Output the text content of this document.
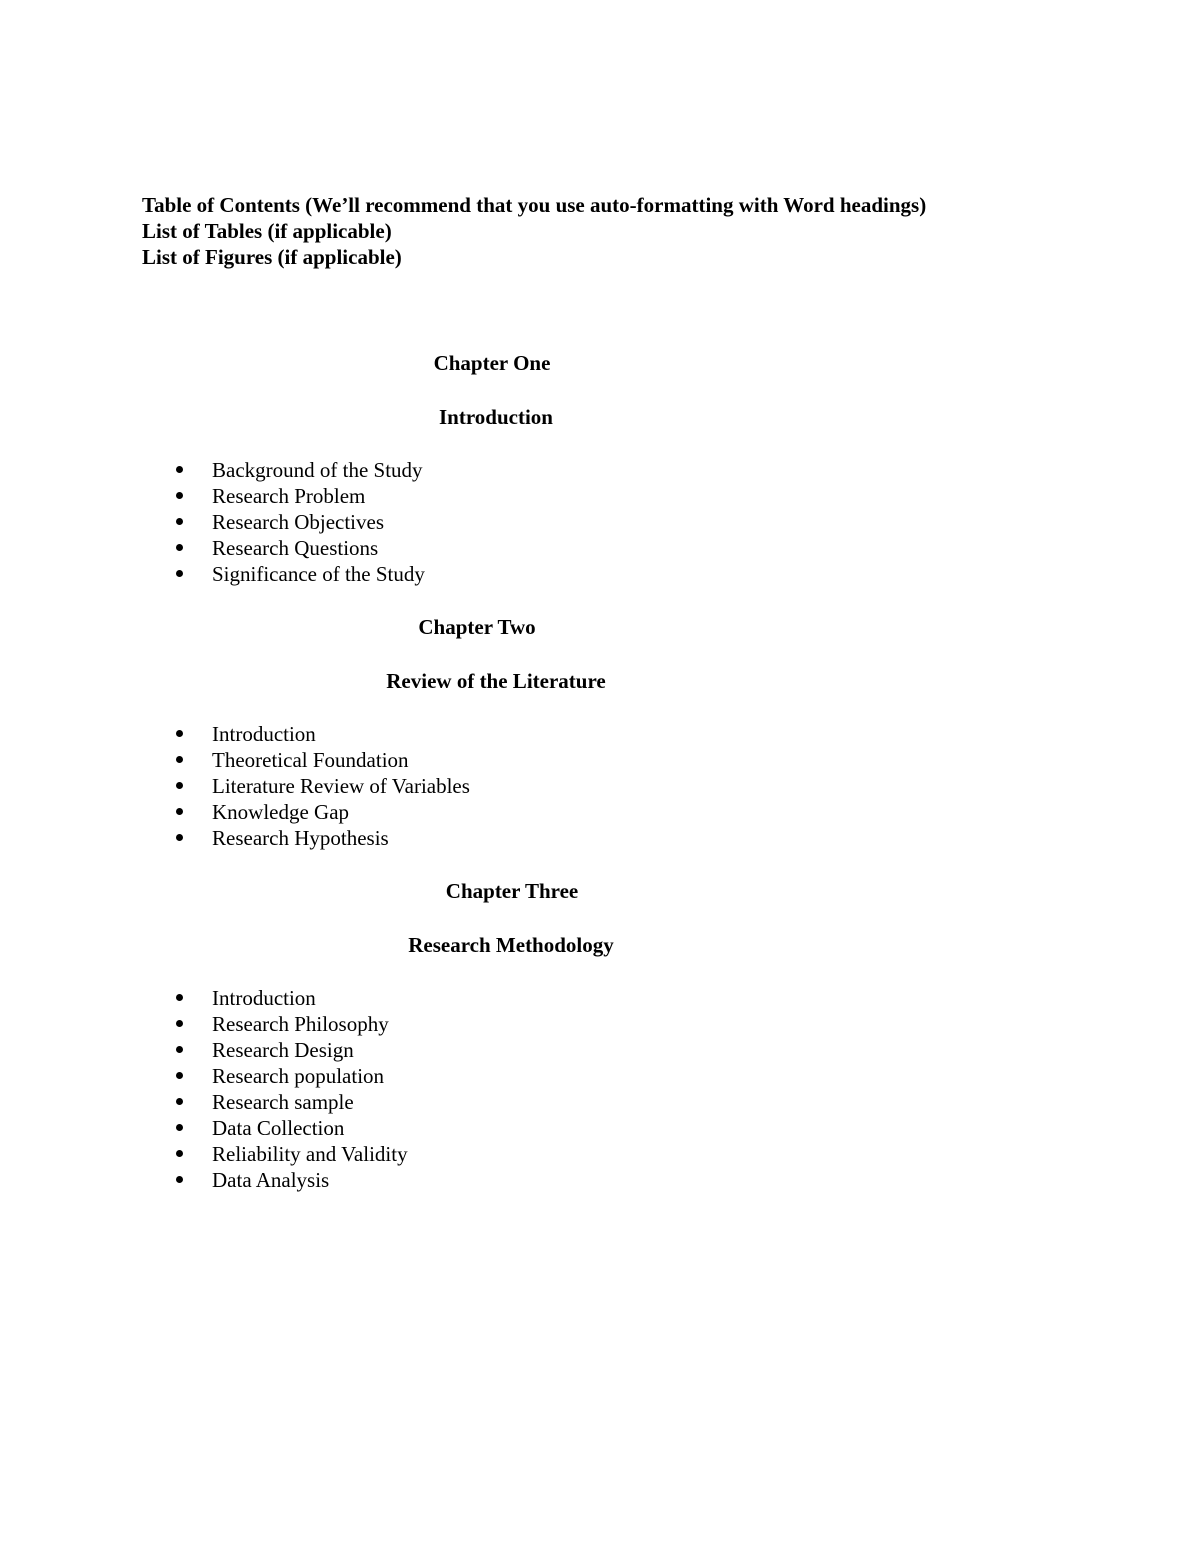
Table of Contents (We’ll recommend that you use auto-formatting with Word headings)
List of Tables (if applicable)
List of Figures (if applicable)
Chapter One
Introduction
Background of the Study
Research Problem
Research Objectives
Research Questions
Significance of the Study
Chapter Two
Review of the Literature
Introduction
Theoretical Foundation
Literature Review of Variables
Knowledge Gap
Research Hypothesis
Chapter Three
Research Methodology
Introduction
Research Philosophy
Research Design
Research population
Research sample
Data Collection
Reliability and Validity
Data Analysis
